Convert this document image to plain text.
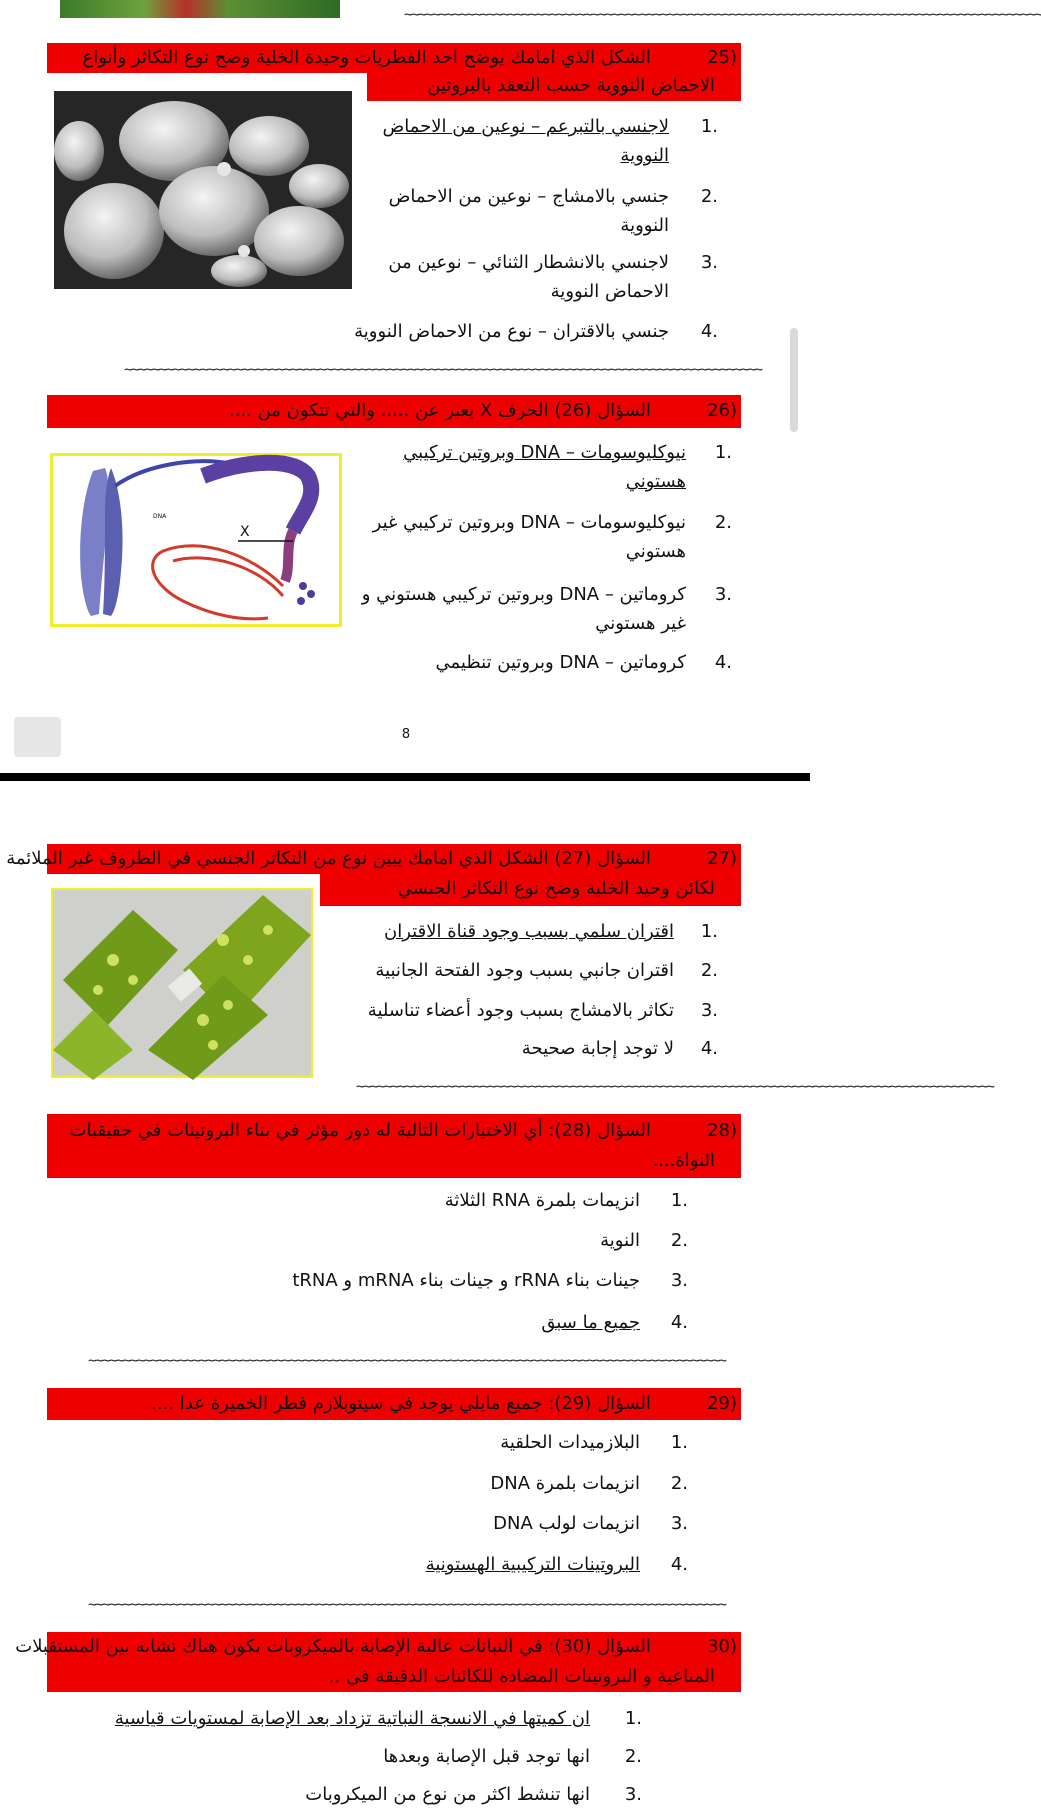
~~~~~~~~~~~~~~~~~~~~~~~~~~~~~~~~~~~~~~~~~~~~~~~~~~~~~~~~~~~~~~~~~~~~~~~~~~~~~~~~~~~~~~~~~~~~
(25
الشكل الذي امامك يوضح احد الفطريات وحيدة الخلية وضح نوع التكاثر وأنواع
الاحماض النووية حسب التعقد بالبروتين
.1
لاجنسي بالتبرعم – نوعين من الاحماض
النووية
.2
جنسي بالامشاج – نوعين من الاحماض
النووية
.3
لاجنسي بالانشطار الثنائي – نوعين من
الاحماض النووية
.4
جنسي بالاقتران – نوع من الاحماض النووية
~~~~~~~~~~~~~~~~~~~~~~~~~~~~~~~~~~~~~~~~~~~~~~~~~~~~~~~~~~~~~~~~~~~~~~~~~~~~~~~~~~~~~~~~~~~~
(26
السؤال (26) الحرف X يعبر عن ..... والتي تتكون من ....
DNA
X
.1
نيوكليوسومات – DNA وبروتين تركيبي
هستوني
.2
نيوكليوسومات – DNA وبروتين تركيبي غير
هستوني
.3
كروماتين – DNA وبروتين تركيبي هستوني و
غير هستوني
.4
كروماتين – DNA وبروتين تنظيمي
8
(27
السؤال (27) الشكل الذي امامك يبين نوع من التكاثر الجنسي في الظروف غير الملائمة
لكائن وحيد الخلية وضح نوع التكاثر الجنسي
.1
اقتران سلمي بسبب وجود قناة الاقتران
.2
اقتران جانبي بسبب وجود الفتحة الجانبية
.3
تكاثر بالامشاج بسبب وجود أعضاء تناسلية
.4
لا توجد إجابة صحيحة
~~~~~~~~~~~~~~~~~~~~~~~~~~~~~~~~~~~~~~~~~~~~~~~~~~~~~~~~~~~~~~~~~~~~~~~~~~~~~~~~~~~~~~~~~~~~
(28
السؤال (28): أي الاختيارات التالية له دور مؤثر في بناء البروتينات في حقيقيات
النواة....
.1
انزيمات بلمرة RNA الثلاثة
.2
النوية
.3
جينات بناء rRNA و جينات بناء mRNA و tRNA
.4
جميع ما سبق
~~~~~~~~~~~~~~~~~~~~~~~~~~~~~~~~~~~~~~~~~~~~~~~~~~~~~~~~~~~~~~~~~~~~~~~~~~~~~~~~~~~~~~~~~~~~
(29
السؤال (29): جميع مايلي يوجد في سيتوبلازم فطر الخميرة عدا ....
.1
البلازميدات الحلقية
.2
انزيمات بلمرة DNA
.3
انزيمات لولب DNA
.4
البروتينات التركيبية الهستونية
~~~~~~~~~~~~~~~~~~~~~~~~~~~~~~~~~~~~~~~~~~~~~~~~~~~~~~~~~~~~~~~~~~~~~~~~~~~~~~~~~~~~~~~~~~~~
(30
السؤال (30): في النباتات عالية الإصابة بالميكروبات يكون هناك تشابه بين المستقبلات
المناعية و البروتينات المضادة للكائنات الدقيقة في ..
.1
ان كميتها في الانسجة النباتية تزداد بعد الإصابة لمستويات قياسية
.2
انها توجد قبل الإصابة وبعدها
.3
انها تنشط اكثر من نوع من الميكروبات
